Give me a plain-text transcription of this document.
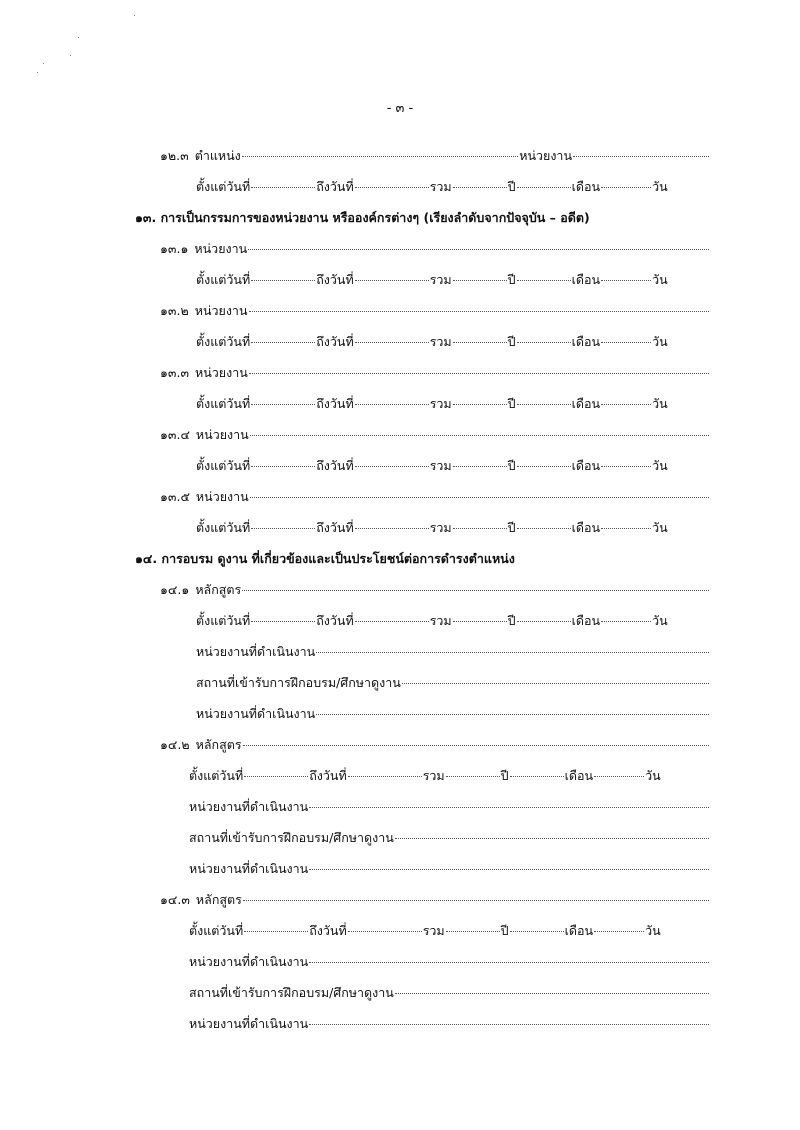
- ๓ -
๑๒.๓ ตำแหน่ง	หน่วยงาน
ตั้งแต่วันที่	ถึงวันที่	รวม	ปี	เดือน	วัน
๑๓. การเป็นกรรมการของหน่วยงาน หรือองค์กรต่างๆ (เรียงลำดับจากปัจจุบัน – อดีต)
๑๓.๑ หน่วยงาน
ตั้งแต่วันที่	ถึงวันที่	รวม	ปี	เดือน	วัน
๑๓.๒ หน่วยงาน
ตั้งแต่วันที่	ถึงวันที่	รวม	ปี	เดือน	วัน
๑๓.๓ หน่วยงาน
ตั้งแต่วันที่	ถึงวันที่	รวม	ปี	เดือน	วัน
๑๓.๔ หน่วยงาน
ตั้งแต่วันที่	ถึงวันที่	รวม	ปี	เดือน	วัน
๑๓.๕ หน่วยงาน
ตั้งแต่วันที่	ถึงวันที่	รวม	ปี	เดือน	วัน
๑๔. การอบรม ดูงาน ที่เกี่ยวข้องและเป็นประโยชน์ต่อการดำรงตำแหน่ง
๑๔.๑ หลักสูตร
ตั้งแต่วันที่	ถึงวันที่	รวม	ปี	เดือน	วัน
หน่วยงานที่ดำเนินงาน
สถานที่เข้ารับการฝึกอบรม/ศึกษาดูงาน
หน่วยงานที่ดำเนินงาน
๑๔.๒ หลักสูตร
ตั้งแต่วันที่	ถึงวันที่	รวม	ปี	เดือน	วัน
หน่วยงานที่ดำเนินงาน
สถานที่เข้ารับการฝึกอบรม/ศึกษาดูงาน
หน่วยงานที่ดำเนินงาน
๑๔.๓ หลักสูตร
ตั้งแต่วันที่	ถึงวันที่	รวม	ปี	เดือน	วัน
หน่วยงานที่ดำเนินงาน
สถานที่เข้ารับการฝึกอบรม/ศึกษาดูงาน
หน่วยงานที่ดำเนินงาน
